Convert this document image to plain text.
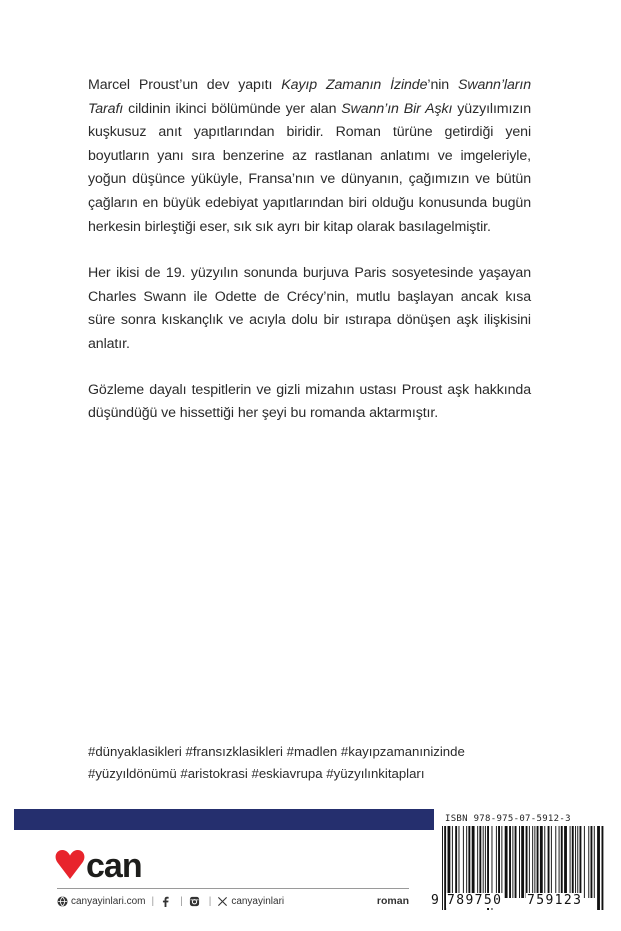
Marcel Proust’un dev yapıtı Kayıp Zamanın İzinde’nin Swann’ların Tarafı cildinin ikinci bölümünde yer alan Swann’ın Bir Aşkı yüzyılımızın kuşkusuz anıt yapıtlarından biridir. Roman türüne getirdiği yeni boyutların yanı sıra benzerine az rastlanan anlatımı ve imgeleriyle, yoğun düşünce yüküyle, Fransa’nın ve dünyanın, çağımızın ve bütün çağların en büyük edebiyat yapıtlarından biri olduğu konusunda bugün herkesin birleştiği eser, sık sık ayrı bir kitap olarak basılagelmiştir.

Her ikisi de 19. yüzyılın sonunda burjuva Paris sosyetesinde yaşayan Charles Swann ile Odette de Crécy’nin, mutlu başlayan ancak kısa süre sonra kıskançlık ve acıyla dolu bir ıstırapa dönüşen aşk ilişkisini anlatır.

Gözleme dayalı tespitlerin ve gizli mizahın ustası Proust aşk hakkında düşündüğü ve hissettiği her şeyi bu romanda aktarmıştır.

#dünyaklasikleri #fransızklasikleri #madlen #kayıpzamanınizinde
#yüzyıldönümü #aristokrasi #eskiavrupa #yüzyılınkitapları
can
canyayinlari.com |	|	| canyayinlari	roman
ISBN 978-975-07-5912-3
9 789750 759123
